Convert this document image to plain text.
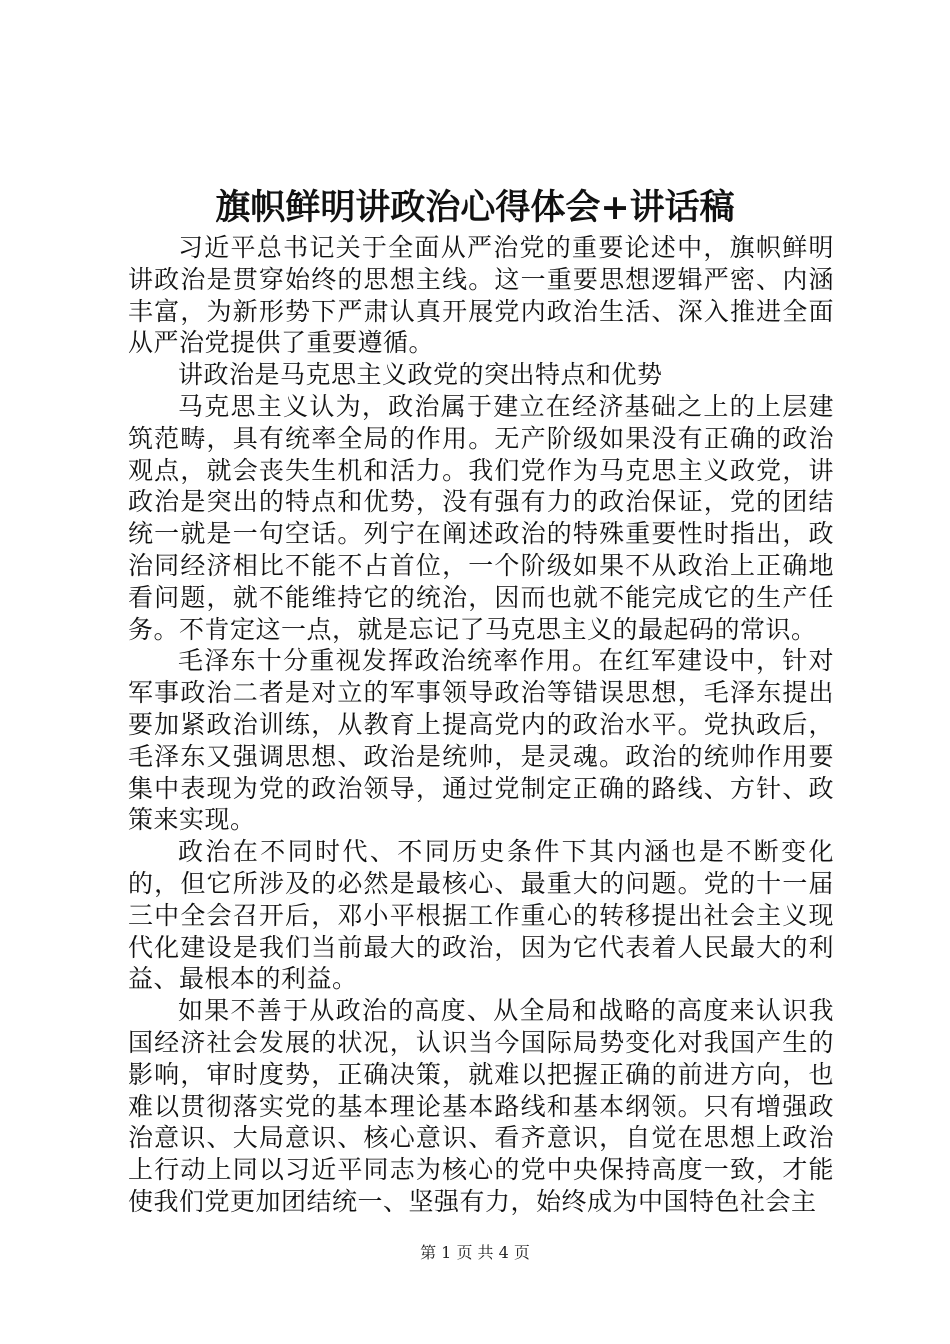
旗帜鲜明讲政治心得体会+讲话稿

习近平总书记关于全面从严治党的重要论述中，旗帜鲜明讲政治是贯穿始终的思想主线。这一重要思想逻辑严密、内涵丰富，为新形势下严肃认真开展党内政治生活、深入推进全面从严治党提供了重要遵循。

讲政治是马克思主义政党的突出特点和优势

马克思主义认为，政治属于建立在经济基础之上的上层建筑范畴，具有统率全局的作用。无产阶级如果没有正确的政治观点，就会丧失生机和活力。我们党作为马克思主义政党，讲政治是突出的特点和优势，没有强有力的政治保证，党的团结统一就是一句空话。列宁在阐述政治的特殊重要性时指出，政治同经济相比不能不占首位，一个阶级如果不从政治上正确地看问题，就不能维持它的统治，因而也就不能完成它的生产任务。不肯定这一点，就是忘记了马克思主义的最起码的常识。

毛泽东十分重视发挥政治统率作用。在红军建设中，针对军事政治二者是对立的军事领导政治等错误思想，毛泽东提出要加紧政治训练，从教育上提高党内的政治水平。党执政后，毛泽东又强调思想、政治是统帅，是灵魂。政治的统帅作用要集中表现为党的政治领导，通过党制定正确的路线、方针、政策来实现。

政治在不同时代、不同历史条件下其内涵也是不断变化的，但它所涉及的必然是最核心、最重大的问题。党的十一届三中全会召开后，邓小平根据工作重心的转移提出社会主义现代化建设是我们当前最大的政治，因为它代表着人民最大的利益、最根本的利益。

如果不善于从政治的高度、从全局和战略的高度来认识我国经济社会发展的状况，认识当今国际局势变化对我国产生的影响，审时度势，正确决策，就难以把握正确的前进方向，也难以贯彻落实党的基本理论基本路线和基本纲领。只有增强政治意识、大局意识、核心意识、看齐意识，自觉在思想上政治上行动上同以习近平同志为核心的党中央保持高度一致，才能使我们党更加团结统一、坚强有力，始终成为中国特色社会主

第 1 页 共 4 页
